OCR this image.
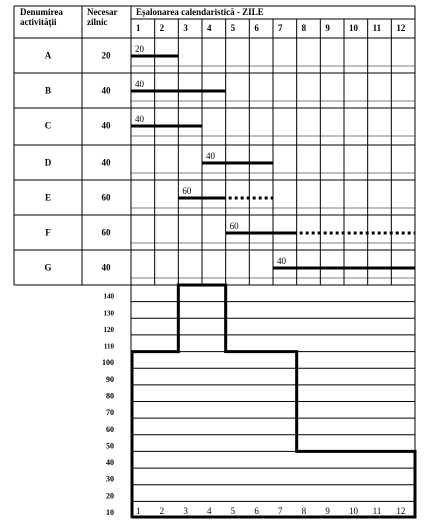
Denumirea
activității
Necesar
zilnic
Eșalonarea calendaristică - ZILE
1 2 3 4 5 6 7 8 9 10 11 12
A	20
20
B	40
40
C	40
40
D	40
40
E	60
60
F	60
60
G	40
40
140
130
120
110
100
90
80
70
60
50
40
30
20
10 1 2 3 4 5 6 7 8 9 10 11 12
